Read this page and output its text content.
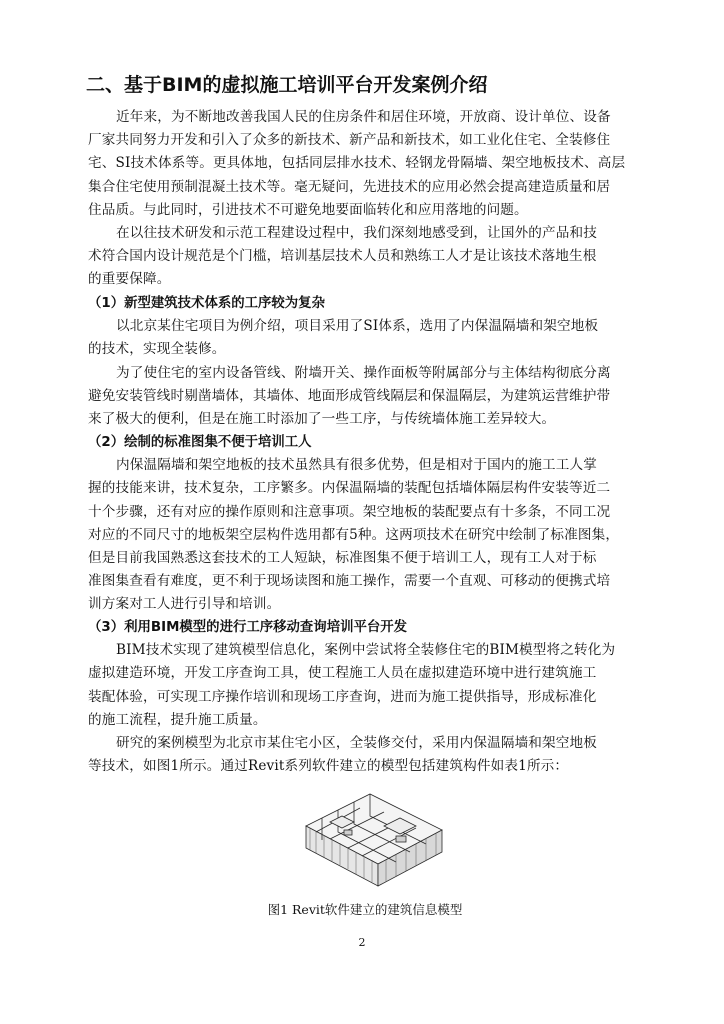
二、基于BIM的虚拟施工培训平台开发案例介绍
近年来，为不断地改善我国人民的住房条件和居住环境，开放商、设计单位、设备
厂家共同努力开发和引入了众多的新技术、新产品和新技术，如工业化住宅、全装修住
宅、SI技术体系等。更具体地，包括同层排水技术、轻钢龙骨隔墙、架空地板技术、高层
集合住宅使用预制混凝土技术等。毫无疑问，先进技术的应用必然会提高建造质量和居
住品质。与此同时，引进技术不可避免地要面临转化和应用落地的问题。
在以往技术研发和示范工程建设过程中，我们深刻地感受到，让国外的产品和技
术符合国内设计规范是个门槛，培训基层技术人员和熟练工人才是让该技术落地生根
的重要保障。
（1）新型建筑技术体系的工序较为复杂
以北京某住宅项目为例介绍，项目采用了SI体系，选用了内保温隔墙和架空地板
的技术，实现全装修。
为了使住宅的室内设备管线、附墙开关、操作面板等附属部分与主体结构彻底分离
避免安装管线时剔凿墙体，其墙体、地面形成管线隔层和保温隔层，为建筑运营维护带
来了极大的便利，但是在施工时添加了一些工序，与传统墙体施工差异较大。
（2）绘制的标准图集不便于培训工人
内保温隔墙和架空地板的技术虽然具有很多优势，但是相对于国内的施工工人掌
握的技能来讲，技术复杂，工序繁多。内保温隔墙的装配包括墙体隔层构件安装等近二
十个步骤，还有对应的操作原则和注意事项。架空地板的装配要点有十多条，不同工况
对应的不同尺寸的地板架空层构件选用都有5种。这两项技术在研究中绘制了标准图集，
但是目前我国熟悉这套技术的工人短缺，标准图集不便于培训工人，现有工人对于标
准图集查看有难度，更不利于现场读图和施工操作，需要一个直观、可移动的便携式培
训方案对工人进行引导和培训。
（3）利用BIM模型的进行工序移动查询培训平台开发
BIM技术实现了建筑模型信息化，案例中尝试将全装修住宅的BIM模型将之转化为
虚拟建造环境，开发工序查询工具，使工程施工人员在虚拟建造环境中进行建筑施工
装配体验，可实现工序操作培训和现场工序查询，进而为施工提供指导，形成标准化
的施工流程，提升施工质量。
研究的案例模型为北京市某住宅小区，全装修交付，采用内保温隔墙和架空地板
等技术，如图1所示。通过Revit系列软件建立的模型包括建筑构件如表1所示：
图1 Revit软件建立的建筑信息模型
2
